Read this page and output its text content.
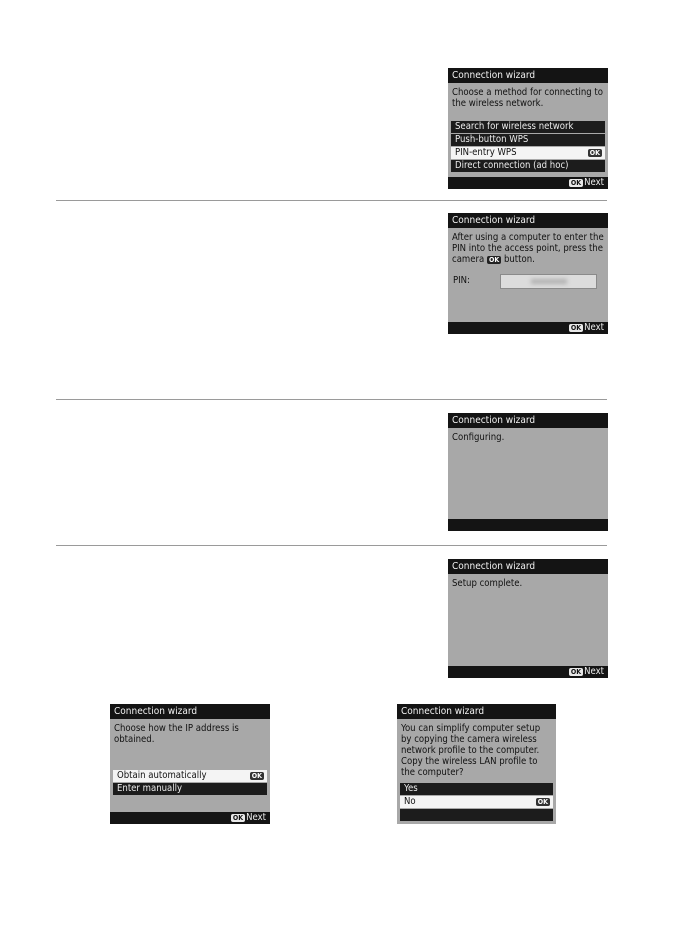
Connection wizard
Choose a method for connecting to the wireless network.
Search for wireless network
Push-button WPS
PIN-entry WPS	OK
Direct connection (ad hoc)
OK Next
Connection wizard
After using a computer to enter the PIN into the access point, press the camera OK button.
PIN:
OK Next
Connection wizard
Configuring.
Connection wizard
Setup complete.
OK Next
Connection wizard
Choose how the IP address is obtained.
Obtain automatically	OK
Enter manually
OK Next
Connection wizard
You can simplify computer setup by copying the camera wireless network profile to the computer. Copy the wireless LAN profile to the computer?
Yes
No	OK
